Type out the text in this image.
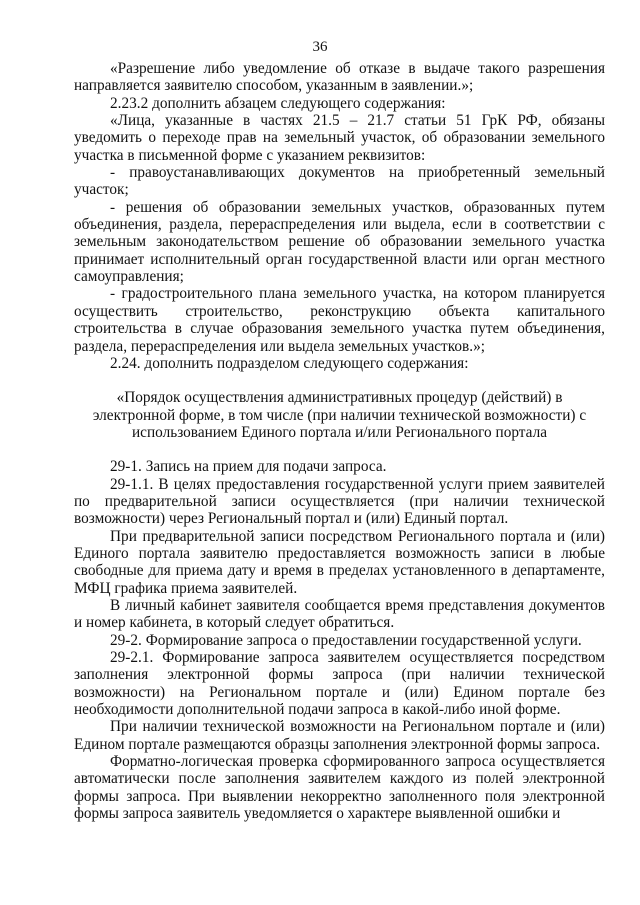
36

«Разрешение либо уведомление об отказе в выдаче такого разрешения направляется заявителю способом, указанным в заявлении.»;

2.23.2 дополнить абзацем следующего содержания:

«Лица, указанные в частях 21.5 – 21.7 статьи 51 ГрК РФ, обязаны уведомить о переходе прав на земельный участок, об образовании земельного участка в письменной форме с указанием реквизитов:

- правоустанавливающих документов на приобретенный земельный участок;

- решения об образовании земельных участков, образованных путем объединения, раздела, перераспределения или выдела, если в соответствии с земельным законодательством решение об образовании земельного участка принимает исполнительный орган государственной власти или орган местного самоуправления;

- градостроительного плана земельного участка, на котором планируется осуществить строительство, реконструкцию объекта капитального строительства в случае образования земельного участка путем объединения, раздела, перераспределения или выдела земельных участков.»;

2.24. дополнить подразделом следующего содержания:

«Порядок осуществления административных процедур (действий) в электронной форме, в том числе (при наличии технической возможности) с использованием Единого портала и/или Регионального портала

29-1. Запись на прием для подачи запроса.

29-1.1. В целях предоставления государственной услуги прием заявителей по предварительной записи осуществляется (при наличии технической возможности) через Региональный портал и (или) Единый портал.

При предварительной записи посредством Регионального портала и (или) Единого портала заявителю предоставляется возможность записи в любые свободные для приема дату и время в пределах установленного в департаменте, МФЦ графика приема заявителей.

В личный кабинет заявителя сообщается время представления документов и номер кабинета, в который следует обратиться.

29-2. Формирование запроса о предоставлении государственной услуги.

29-2.1. Формирование запроса заявителем осуществляется посредством заполнения электронной формы запроса (при наличии технической возможности) на Региональном портале и (или) Едином портале без необходимости дополнительной подачи запроса в какой-либо иной форме.

При наличии технической возможности на Региональном портале и (или) Едином портале размещаются образцы заполнения электронной формы запроса.

Форматно-логическая проверка сформированного запроса осуществляется автоматически после заполнения заявителем каждого из полей электронной формы запроса. При выявлении некорректно заполненного поля электронной формы запроса заявитель уведомляется о характере выявленной ошибки и
